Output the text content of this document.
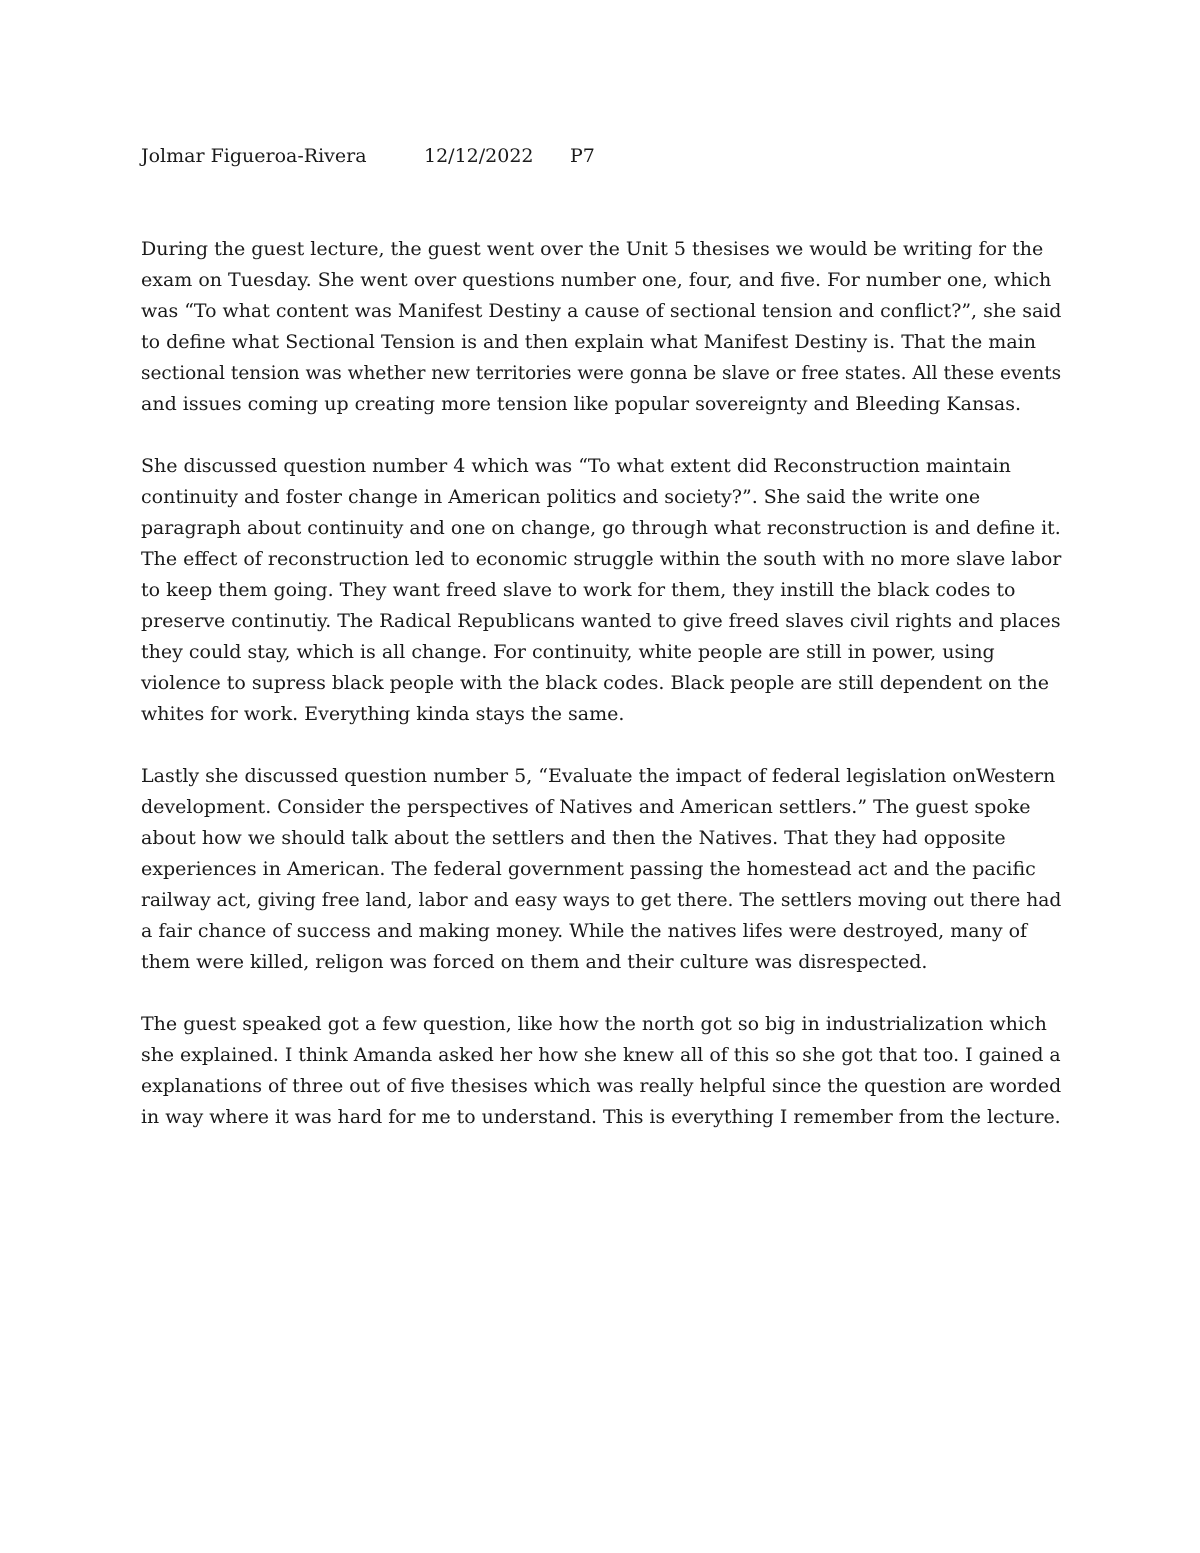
Jolmar Figueroa-Rivera	12/12/2022 P7
During the guest lecture, the guest went over the Unit 5 thesises we would be writing for the
exam on Tuesday. She went over questions number one, four, and five. For number one, which
was “To what content was Manifest Destiny a cause of sectional tension and conflict?”, she said
to define what Sectional Tension is and then explain what Manifest Destiny is. That the main
sectional tension was whether new territories were gonna be slave or free states. All these events
and issues coming up creating more tension like popular sovereignty and Bleeding Kansas.
She discussed question number 4 which was “To what extent did Reconstruction maintain
continuity and foster change in American politics and society?”. She said the write one
paragraph about continuity and one on change, go through what reconstruction is and define it.
The effect of reconstruction led to economic struggle within the south with no more slave labor
to keep them going. They want freed slave to work for them, they instill the black codes to
preserve continutiy. The Radical Republicans wanted to give freed slaves civil rights and places
they could stay, which is all change. For continuity, white people are still in power, using
violence to supress black people with the black codes. Black people are still dependent on the
whites for work. Everything kinda stays the same.
Lastly she discussed question number 5, “Evaluate the impact of federal legislation onWestern
development. Consider the perspectives of Natives and American settlers.” The guest spoke
about how we should talk about the settlers and then the Natives. That they had opposite
experiences in American. The federal government passing the homestead act and the pacific
railway act, giving free land, labor and easy ways to get there. The settlers moving out there had
a fair chance of success and making money. While the natives lifes were destroyed, many of
them were killed, religon was forced on them and their culture was disrespected.
The guest speaked got a few question, like how the north got so big in industrialization which
she explained. I think Amanda asked her how she knew all of this so she got that too. I gained a
explanations of three out of five thesises which was really helpful since the question are worded
in way where it was hard for me to understand. This is everything I remember from the lecture.
